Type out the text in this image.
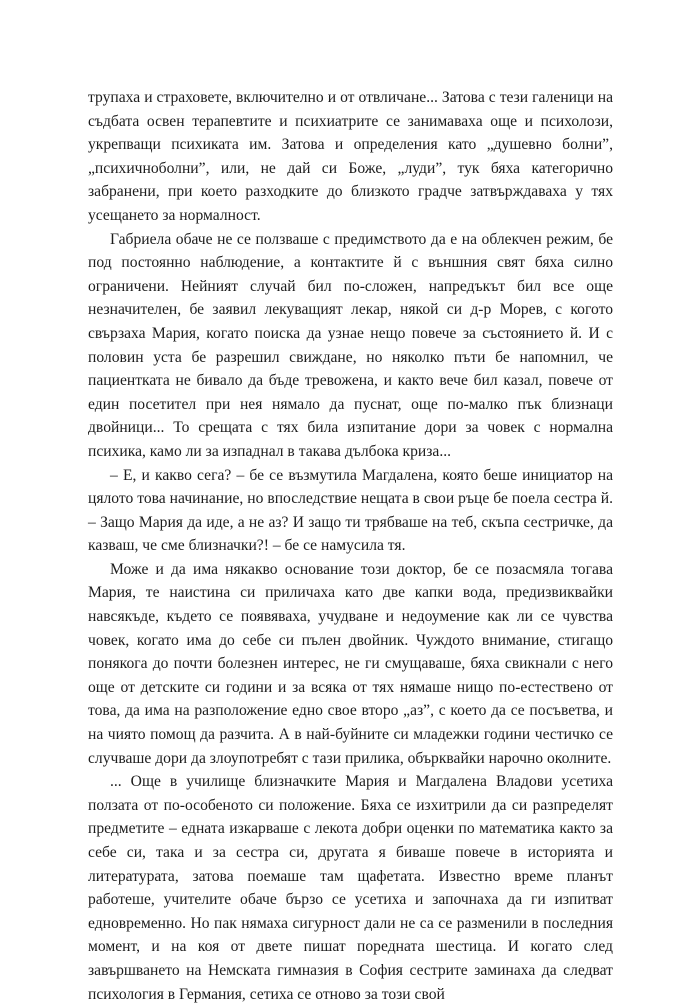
трупаха и страховете, включително и от отвличане... Затова с тези галеници на съдбата освен терапевтите и психиатрите се занимаваха още и психолози, укрепващи психиката им. Затова и определения като „душевно болни”, „психичноболни”, или, не дай си Боже, „луди”, тук бяха категорично забранени, при което разходките до близкото градче затвърждаваха у тях усещането за нормалност.

Габриела обаче не се ползваше с предимството да е на облекчен режим, бе под постоянно наблюдение, а контактите й с външния свят бяха силно ограничени. Нейният случай бил по-сложен, напредъкът бил все още незначителен, бе заявил лекуващият лекар, някой си д-р Морев, с когото свързаха Мария, когато поиска да узнае нещо повече за състоянието й. И с половин уста бе разрешил свиждане, но няколко пъти бе напомнил, че пациентката не бивало да бъде тревожена, и както вече бил казал, повече от един посетител при нея нямало да пуснат, още по-малко пък близнаци двойници... То срещата с тях била изпитание дори за човек с нормална психика, камо ли за изпаднал в такава дълбока криза...

– Е, и какво сега? – бе се възмутила Магдалена, която беше инициатор на цялото това начинание, но впоследствие нещата в свои ръце бе поела сестра й. – Защо Мария да иде, а не аз? И защо ти трябваше на теб, скъпа сестричке, да казваш, че сме близначки?! – бе се намусила тя.

Може и да има някакво основание този доктор, бе се позасмяла тогава Мария, те наистина си приличаха като две капки вода, предизвиквайки навсякъде, където се появяваха, учудване и недоумение как ли се чувства човек, когато има до себе си пълен двойник. Чуждото внимание, стигащо понякога до почти болезнен интерес, не ги смущаваше, бяха свикнали с него още от детските си години и за всяка от тях нямаше нищо по-естествено от това, да има на разположение едно свое второ „аз”, с което да се посъветва, и на чиято помощ да разчита. А в най-буйните си младежки години честичко се случваше дори да злоупотребят с тази прилика, обърквайки нарочно околните.

... Още в училище близначките Мария и Магдалена Владови усетиха ползата от по-особеното си положение. Бяха се изхитрили да си разпределят предметите – едната изкарваше с лекота добри оценки по математика както за себе си, така и за сестра си, другата я биваше повече в историята и литературата, затова поемаше там щафетата. Известно време планът работеше, учителите обаче бързо се усетиха и започнаха да ги изпитват едновременно. Но пак нямаха сигурност дали не са се разменили в последния момент, и на коя от двете пишат поредната шестица. И когато след завършването на Немската гимназия в София сестрите заминаха да следват психология в Германия, сетиха се отново за този свой
